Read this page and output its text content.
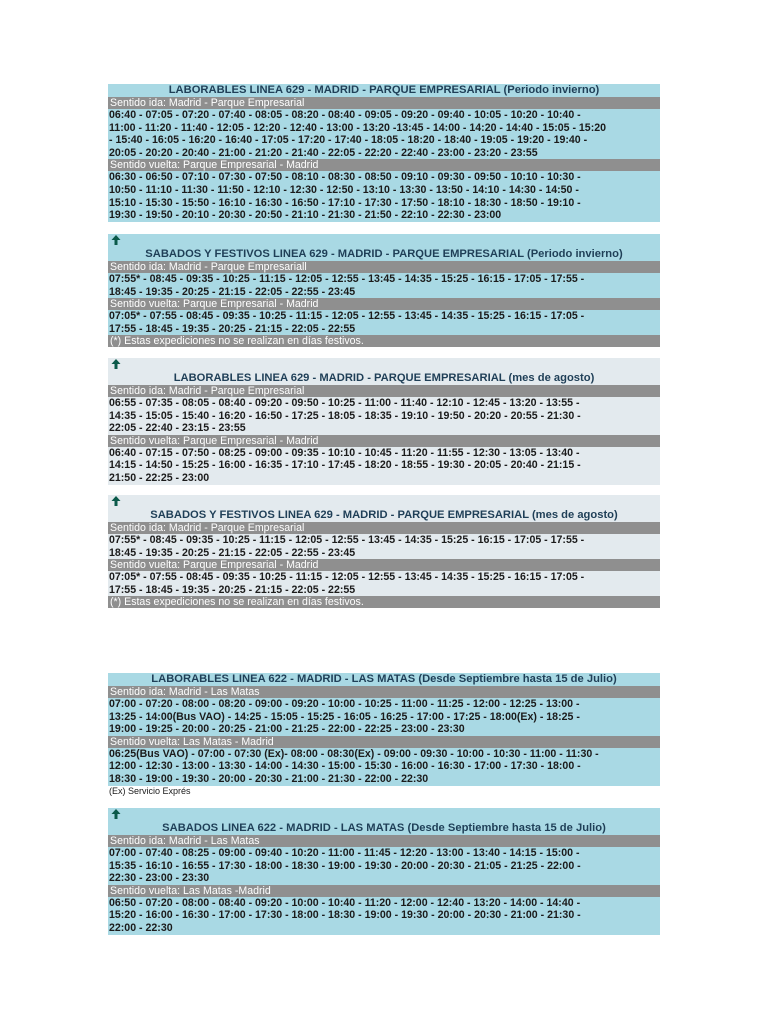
LABORABLES LINEA 629 - MADRID - PARQUE EMPRESARIAL (Periodo invierno)
Sentido ida: Madrid - Parque Empresarial
06:40 - 07:05 - 07:20 - 07:40 - 08:05 - 08:20 - 08:40 - 09:05 - 09:20 - 09:40 - 10:05 - 10:20 - 10:40 -
11:00 - 11:20 - 11:40 - 12:05 - 12:20 - 12:40 - 13:00 - 13:20 -13:45 - 14:00 - 14:20 - 14:40 - 15:05 - 15:20
- 15:40 - 16:05 - 16:20 - 16:40 - 17:05 - 17:20 - 17:40 - 18:05 - 18:20 - 18:40 - 19:05 - 19:20 - 19:40 -
20:05 - 20:20 - 20:40 - 21:00 - 21:20 - 21:40 - 22:05 - 22:20 - 22:40 - 23:00 - 23:20 - 23:55
Sentido vuelta: Parque Empresarial - Madrid
06:30 - 06:50 - 07:10 - 07:30 - 07:50 - 08:10 - 08:30 - 08:50 - 09:10 - 09:30 - 09:50 - 10:10 - 10:30 -
10:50 - 11:10 - 11:30 - 11:50 - 12:10 - 12:30 - 12:50 - 13:10 - 13:30 - 13:50 - 14:10 - 14:30 - 14:50 -
15:10 - 15:30 - 15:50 - 16:10 - 16:30 - 16:50 - 17:10 - 17:30 - 17:50 - 18:10 - 18:30 - 18:50 - 19:10 -
19:30 - 19:50 - 20:10 - 20:30 - 20:50 - 21:10 - 21:30 - 21:50 - 22:10 - 22:30 - 23:00
SABADOS Y FESTIVOS LINEA 629 - MADRID - PARQUE EMPRESARIAL (Periodo invierno)
Sentido ida: Madrid - Parque Empresariall
07:55* - 08:45 - 09:35 - 10:25 - 11:15 - 12:05 - 12:55 - 13:45 - 14:35 - 15:25 - 16:15 - 17:05 - 17:55 -
18:45 - 19:35 - 20:25 - 21:15 - 22:05 - 22:55 - 23:45
Sentido vuelta: Parque Empresarial - Madrid
07:05* - 07:55 - 08:45 - 09:35 - 10:25 - 11:15 - 12:05 - 12:55 - 13:45 - 14:35 - 15:25 - 16:15 - 17:05 -
17:55 - 18:45 - 19:35 - 20:25 - 21:15 - 22:05 - 22:55
(*) Estas expediciones no se realizan en días festivos.
LABORABLES LINEA 629 - MADRID - PARQUE EMPRESARIAL (mes de agosto)
Sentido ida: Madrid - Parque Empresarial
06:55 - 07:35 - 08:05 - 08:40 - 09:20 - 09:50 - 10:25 - 11:00 - 11:40 - 12:10 - 12:45 - 13:20 - 13:55 -
14:35 - 15:05 - 15:40 - 16:20 - 16:50 - 17:25 - 18:05 - 18:35 - 19:10 - 19:50 - 20:20 - 20:55 - 21:30 -
22:05 - 22:40 - 23:15 - 23:55
Sentido vuelta: Parque Empresarial - Madrid
06:40 - 07:15 - 07:50 - 08:25 - 09:00 - 09:35 - 10:10 - 10:45 - 11:20 - 11:55 - 12:30 - 13:05 - 13:40 -
14:15 - 14:50 - 15:25 - 16:00 - 16:35 - 17:10 - 17:45 - 18:20 - 18:55 - 19:30 - 20:05 - 20:40 - 21:15 -
21:50 - 22:25 - 23:00
SABADOS Y FESTIVOS LINEA 629 - MADRID - PARQUE EMPRESARIAL (mes de agosto)
Sentido ida: Madrid - Parque Empresarial
07:55* - 08:45 - 09:35 - 10:25 - 11:15 - 12:05 - 12:55 - 13:45 - 14:35 - 15:25 - 16:15 - 17:05 - 17:55 -
18:45 - 19:35 - 20:25 - 21:15 - 22:05 - 22:55 - 23:45
Sentido vuelta: Parque Empresarial - Madrid
07:05* - 07:55 - 08:45 - 09:35 - 10:25 - 11:15 - 12:05 - 12:55 - 13:45 - 14:35 - 15:25 - 16:15 - 17:05 -
17:55 - 18:45 - 19:35 - 20:25 - 21:15 - 22:05 - 22:55
(*) Estas expediciones no se realizan en días festivos.
LABORABLES LINEA 622 - MADRID - LAS MATAS (Desde Septiembre hasta 15 de Julio)
Sentido ida: Madrid - Las Matas
07:00 - 07:20 - 08:00 - 08:20 - 09:00 - 09:20 - 10:00 - 10:25 - 11:00 - 11:25 - 12:00 - 12:25 - 13:00 -
13:25 - 14:00(Bus VAO) - 14:25 - 15:05 - 15:25 - 16:05 - 16:25 - 17:00 - 17:25 - 18:00(Ex) - 18:25 -
19:00 - 19:25 - 20:00 - 20:25 - 21:00 - 21:25 - 22:00 - 22:25 - 23:00 - 23:30
Sentido vuelta: Las Matas - Madrid
06:25(Bus VAO) - 07:00 - 07:30 (Ex)- 08:00 - 08:30(Ex) - 09:00 - 09:30 - 10:00 - 10:30 - 11:00 - 11:30 -
12:00 - 12:30 - 13:00 - 13:30 - 14:00 - 14:30 - 15:00 - 15:30 - 16:00 - 16:30 - 17:00 - 17:30 - 18:00 -
18:30 - 19:00 - 19:30 - 20:00 - 20:30 - 21:00 - 21:30 - 22:00 - 22:30
(Ex) Servicio Exprés
SABADOS LINEA 622 - MADRID - LAS MATAS (Desde Septiembre hasta 15 de Julio)
Sentido ida: Madrid - Las Matas
07:00 - 07:40 - 08:25 - 09:00 - 09:40 - 10:20 - 11:00 - 11:45 - 12:20 - 13:00 - 13:40 - 14:15 - 15:00 -
15:35 - 16:10 - 16:55 - 17:30 - 18:00 - 18:30 - 19:00 - 19:30 - 20:00 - 20:30 - 21:05 - 21:25 - 22:00 -
22:30 - 23:00 - 23:30
Sentido vuelta: Las Matas -Madrid
06:50 - 07:20 - 08:00 - 08:40 - 09:20 - 10:00 - 10:40 - 11:20 - 12:00 - 12:40 - 13:20 - 14:00 - 14:40 -
15:20 - 16:00 - 16:30 - 17:00 - 17:30 - 18:00 - 18:30 - 19:00 - 19:30 - 20:00 - 20:30 - 21:00 - 21:30 -
22:00 - 22:30
